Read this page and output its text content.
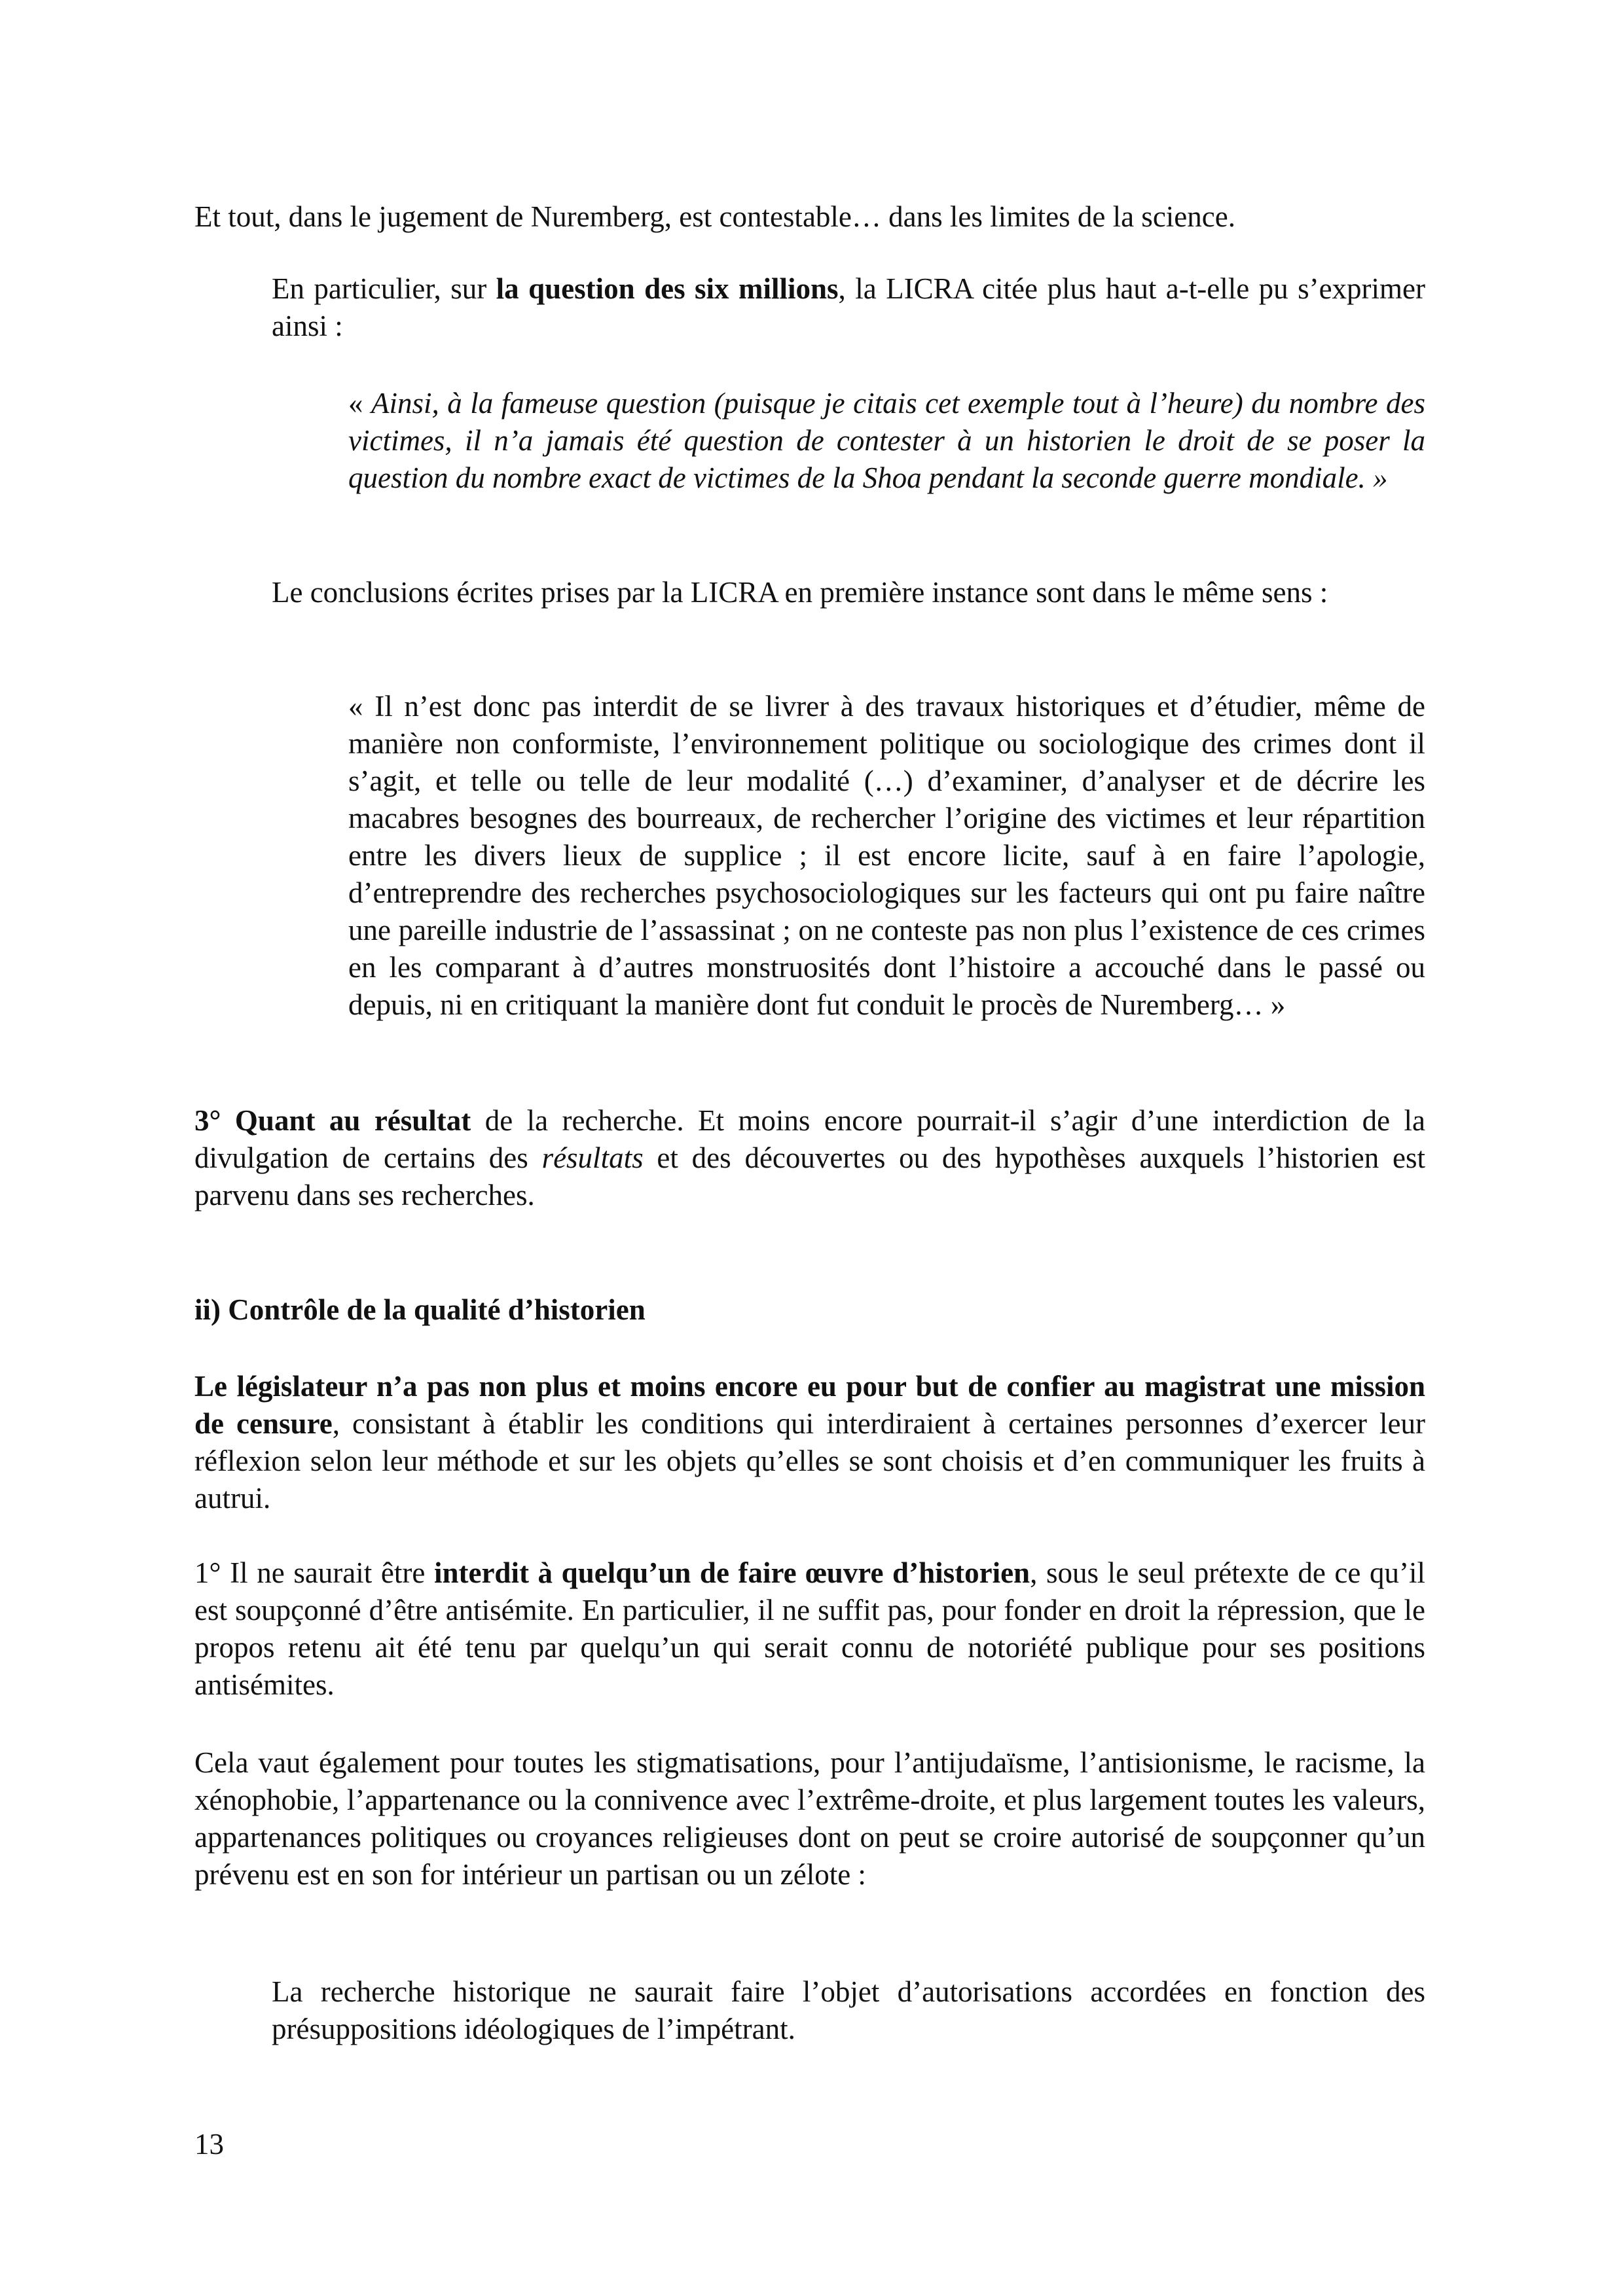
Et tout, dans le jugement de Nuremberg, est contestable… dans les limites de la science.

En particulier, sur la question des six millions, la LICRA citée plus haut a-t-elle pu s’exprimer ainsi :

« Ainsi, à la fameuse question (puisque je citais cet exemple tout à l’heure) du nombre des victimes, il n’a jamais été question de contester à un historien le droit de se poser la question du nombre exact de victimes de la Shoa pendant la seconde guerre mondiale. »

Le conclusions écrites prises par la LICRA en première instance sont dans le même sens :

« Il n’est donc pas interdit de se livrer à des travaux historiques et d’étudier, même de manière non conformiste, l’environnement politique ou sociologique des crimes dont il s’agit, et telle ou telle de leur modalité (…) d’examiner, d’analyser et de décrire les macabres besognes des bourreaux, de rechercher l’origine des victimes et leur répartition entre les divers lieux de supplice ; il est encore licite, sauf à en faire l’apologie, d’entreprendre des recherches psychosociologiques sur les facteurs qui ont pu faire naître une pareille industrie de l’assassinat ; on ne conteste pas non plus l’existence de ces crimes en les comparant à d’autres monstruosités dont l’histoire a accouché dans le passé ou depuis, ni en critiquant la manière dont fut conduit le procès de Nuremberg… »

3° Quant au résultat de la recherche. Et moins encore pourrait-il s’agir d’une interdiction de la divulgation de certains des résultats et des découvertes ou des hypothèses auxquels l’historien est parvenu dans ses recherches.

ii) Contrôle de la qualité d’historien

Le législateur n’a pas non plus et moins encore eu pour but de confier au magistrat une mission de censure, consistant à établir les conditions qui interdiraient à certaines personnes d’exercer leur réflexion selon leur méthode et sur les objets qu’elles se sont choisis et d’en communiquer les fruits à autrui.

1° Il ne saurait être interdit à quelqu’un de faire œuvre d’historien, sous le seul prétexte de ce qu’il est soupçonné d’être antisémite. En particulier, il ne suffit pas, pour fonder en droit la répression, que le propos retenu ait été tenu par quelqu’un qui serait connu de notoriété publique pour ses positions antisémites.

Cela vaut également pour toutes les stigmatisations, pour l’antijudaïsme, l’antisionisme, le racisme, la xénophobie, l’appartenance ou la connivence avec l’extrême-droite, et plus largement toutes les valeurs, appartenances politiques ou croyances religieuses dont on peut se croire autorisé de soupçonner qu’un prévenu est en son for intérieur un partisan ou un zélote :

La recherche historique ne saurait faire l’objet d’autorisations accordées en fonction des présuppositions idéologiques de l’impétrant.

13
